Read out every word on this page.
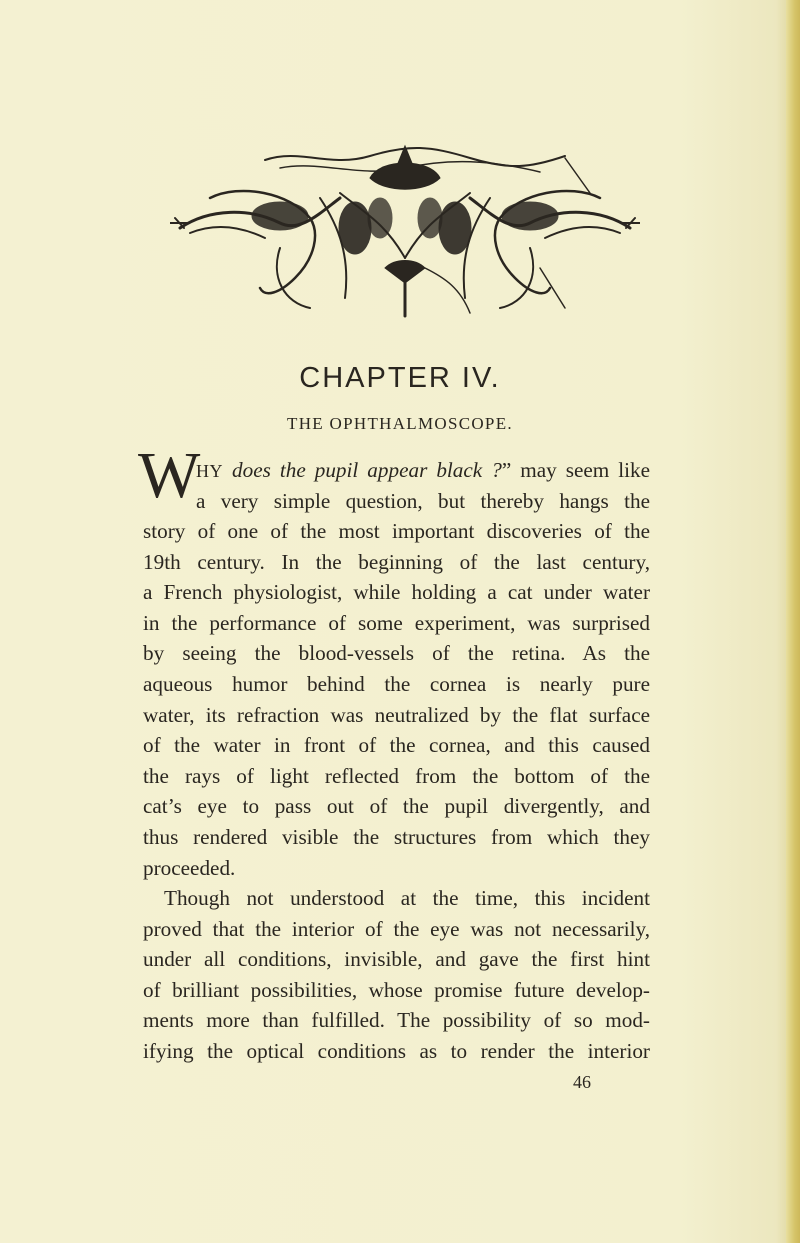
CHAPTER IV.
THE OPHTHALMOSCOPE.
W
HY does the pupil appear black ?” may seem like
a very simple question, but thereby hangs the
story of one of the most important discoveries of the
19th century. In the beginning of the last century,
a French physiologist, while holding a cat under water
in the performance of some experiment, was surprised
by seeing the blood-vessels of the retina. As the
aqueous humor behind the cornea is nearly pure
water, its refraction was neutralized by the flat surface
of the water in front of the cornea, and this caused
the rays of light reflected from the bottom of the
cat’s eye to pass out of the pupil divergently, and
thus rendered visible the structures from which they
proceeded.
Though not understood at the time, this incident
proved that the interior of the eye was not necessarily,
under all conditions, invisible, and gave the first hint
of brilliant possibilities, whose promise future develop-
ments more than fulfilled. The possibility of so mod-
ifying the optical conditions as to render the interior
46
